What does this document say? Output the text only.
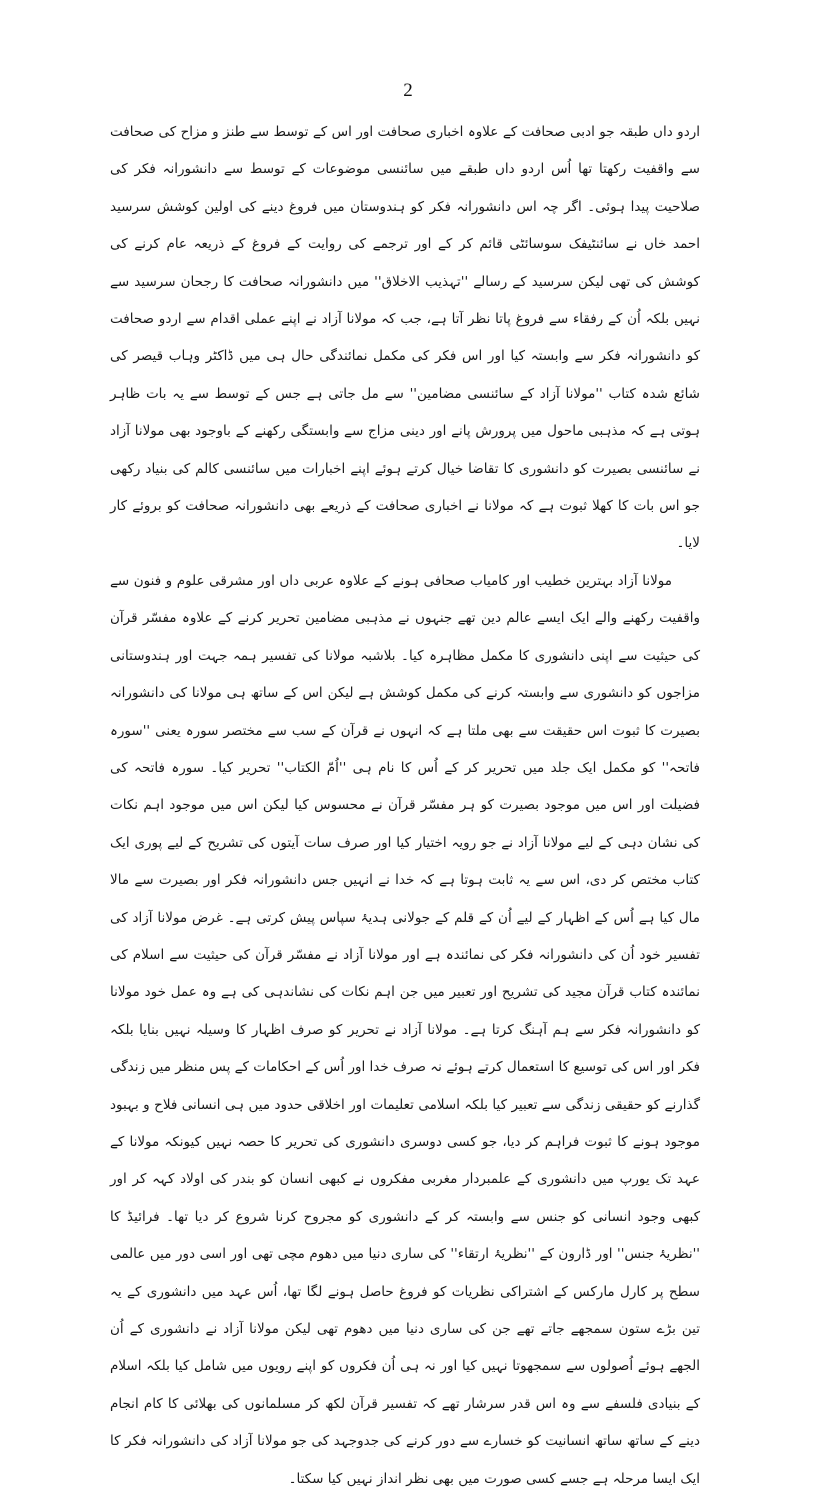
2

اردو داں طبقہ جو ادبی صحافت کے علاوہ اخباری صحافت اور اس کے توسط سے طنز و مزاح کی صحافت سے واقفیت رکھتا تھا اُس اردو داں طبقے میں سائنسی موضوعات کے توسط سے دانشورانہ فکر کی صلاحیت پیدا ہوئی۔ اگر چہ اس دانشورانہ فکر کو ہندوستان میں فروغ دینے کی اولین کوشش سرسید احمد خاں نے سائنٹیفک سوسائٹی قائم کر کے اور ترجمے کی روایت کے فروغ کے ذریعہ عام کرنے کی کوشش کی تھی لیکن سرسید کے رسالے ''تہذیب الاخلاق'' میں دانشورانہ صحافت کا رجحان سرسید سے نہیں بلکہ اُن کے رفقاء سے فروغ پاتا نظر آتا ہے، جب کہ مولانا آزاد نے اپنے عملی اقدام سے اردو صحافت کو دانشورانہ فکر سے وابستہ کیا اور اس فکر کی مکمل نمائندگی حال ہی میں ڈاکٹر وہاب قیصر کی شائع شدہ کتاب ''مولانا آزاد کے سائنسی مضامین'' سے مل جاتی ہے جس کے توسط سے یہ بات ظاہر ہوتی ہے کہ مذہبی ماحول میں پرورش پانے اور دینی مزاج سے وابستگی رکھنے کے باوجود بھی مولانا آزاد نے سائنسی بصیرت کو دانشوری کا تقاضا خیال کرتے ہوئے اپنے اخبارات میں سائنسی کالم کی بنیاد رکھی جو اس بات کا کھلا ثبوت ہے کہ مولانا نے اخباری صحافت کے ذریعے بھی دانشورانہ صحافت کو بروئے کار لایا۔

مولانا آزاد بہترین خطیب اور کامیاب صحافی ہونے کے علاوہ عربی داں اور مشرقی علوم و فنون سے واقفیت رکھنے والے ایک ایسے عالم دین تھے جنہوں نے مذہبی مضامین تحریر کرنے کے علاوہ مفسّر قرآن کی حیثیت سے اپنی دانشوری کا مکمل مظاہرہ کیا۔ بلاشبہ مولانا کی تفسیر ہمہ جہت اور ہندوستانی مزاجوں کو دانشوری سے وابستہ کرنے کی مکمل کوشش ہے لیکن اس کے ساتھ ہی مولانا کی دانشورانہ بصیرت کا ثبوت اس حقیقت سے بھی ملتا ہے کہ انہوں نے قرآن کے سب سے مختصر سورہ یعنی ''سورہ فاتحہ'' کو مکمل ایک جلد میں تحریر کر کے اُس کا نام ہی ''اُمّ الکتاب'' تحریر کیا۔ سورہ فاتحہ کی فضیلت اور اس میں موجود بصیرت کو ہر مفسّر قرآن نے محسوس کیا لیکن اس میں موجود اہم نکات کی نشان دہی کے لیے مولانا آزاد نے جو رویہ اختیار کیا اور صرف سات آیتوں کی تشریح کے لیے پوری ایک کتاب مختص کر دی، اس سے یہ ثابت ہوتا ہے کہ خدا نے انہیں جس دانشورانہ فکر اور بصیرت سے مالا مال کیا ہے اُس کے اظہار کے لیے اُن کے قلم کے جولانی ہدیۂ سپاس پیش کرتی ہے۔ غرض مولانا آزاد کی تفسیر خود اُن کی دانشورانہ فکر کی نمائندہ ہے اور مولانا آزاد نے مفسّر قرآن کی حیثیت سے اسلام کی نمائندہ کتاب قرآن مجید کی تشریح اور تعبیر میں جن اہم نکات کی نشاندہی کی ہے وہ عمل خود مولانا کو دانشورانہ فکر سے ہم آہنگ کرتا ہے۔ مولانا آزاد نے تحریر کو صرف اظہار کا وسیلہ نہیں بنایا بلکہ فکر اور اس کی توسیع کا استعمال کرتے ہوئے نہ صرف خدا اور اُس کے احکامات کے پس منظر میں زندگی گذارنے کو حقیقی زندگی سے تعبیر کیا بلکہ اسلامی تعلیمات اور اخلاقی حدود میں ہی انسانی فلاح و بہبود موجود ہونے کا ثبوت فراہم کر دیا، جو کسی دوسری دانشوری کی تحریر کا حصہ نہیں کیونکہ مولانا کے عہد تک یورپ میں دانشوری کے علمبردار مغربی مفکروں نے کبھی انسان کو بندر کی اولاد کہہ کر اور کبھی وجود انسانی کو جنس سے وابستہ کر کے دانشوری کو مجروح کرنا شروع کر دیا تھا۔ فرائیڈ کا ''نظریۂ جنس'' اور ڈارون کے ''نظریۂ ارتقاء'' کی ساری دنیا میں دھوم مچی تھی اور اسی دور میں عالمی سطح پر کارل مارکس کے اشتراکی نظریات کو فروغ حاصل ہونے لگا تھا، اُس عہد میں دانشوری کے یہ تین بڑے ستون سمجھے جاتے تھے جن کی ساری دنیا میں دھوم تھی لیکن مولانا آزاد نے دانشوری کے اُن الجھے ہوئے اُصولوں سے سمجھوتا نہیں کیا اور نہ ہی اُن فکروں کو اپنے رویوں میں شامل کیا بلکہ اسلام کے بنیادی فلسفے سے وہ اس قدر سرشار تھے کہ تفسیر قرآن لکھ کر مسلمانوں کی بھلائی کا کام انجام دینے کے ساتھ ساتھ انسانیت کو خسارے سے دور کرنے کی جدوجہد کی جو مولانا آزاد کی دانشورانہ فکر کا ایک ایسا مرحلہ ہے جسے کسی صورت میں بھی نظر انداز نہیں کیا سکتا۔
